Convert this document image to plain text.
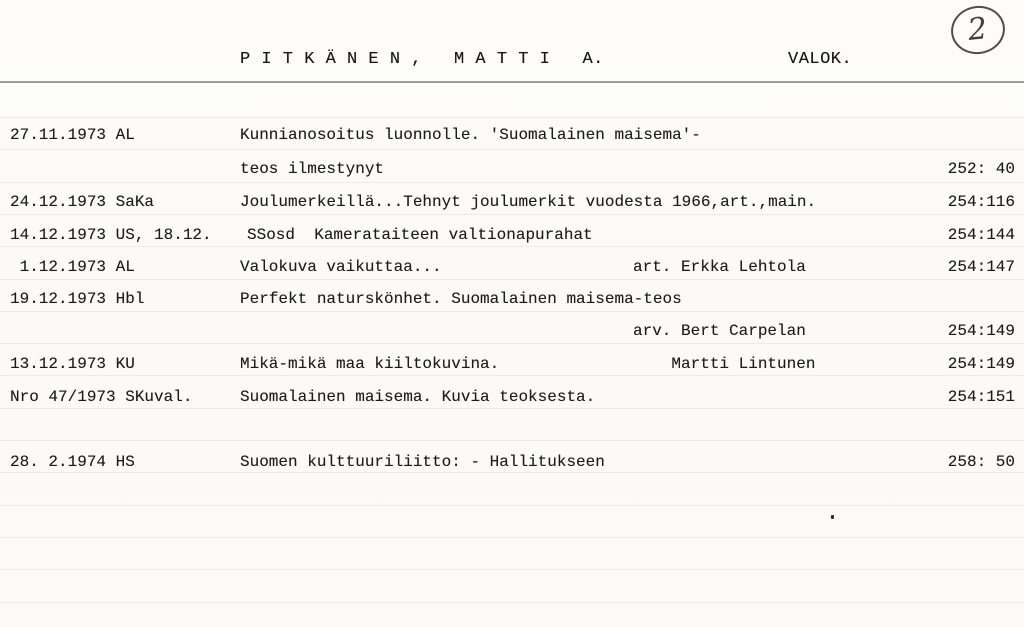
P I T K Ä N E N ,   M A T T I   A.	VALOK.
2
27.11.1973 AL	Kunnianosoitus luonnolle. 'Suomalainen maisema'-
teos ilmestynyt	252: 40
24.12.1973 SaKa	Joulumerkeillä...Tehnyt joulumerkit vuodesta 1966,art.,main.	254:116
14.12.1973 US, 18.12. SSosd  Kamerataiteen valtionapurahat	254:144
1.12.1973 AL	Valokuva vaikuttaa...	art. Erkka Lehtola	254:147
19.12.1973 Hbl	Perfekt naturskönhet. Suomalainen maisema-teos
arv. Bert Carpelan	254:149
13.12.1973 KU	Mikä-mikä maa kiiltokuvina.	Martti Lintunen	254:149
Nro 47/1973 SKuval.	Suomalainen maisema. Kuvia teoksesta.	254:151
28. 2.1974 HS	Suomen kulttuuriliitto: - Hallitukseen	258: 50
